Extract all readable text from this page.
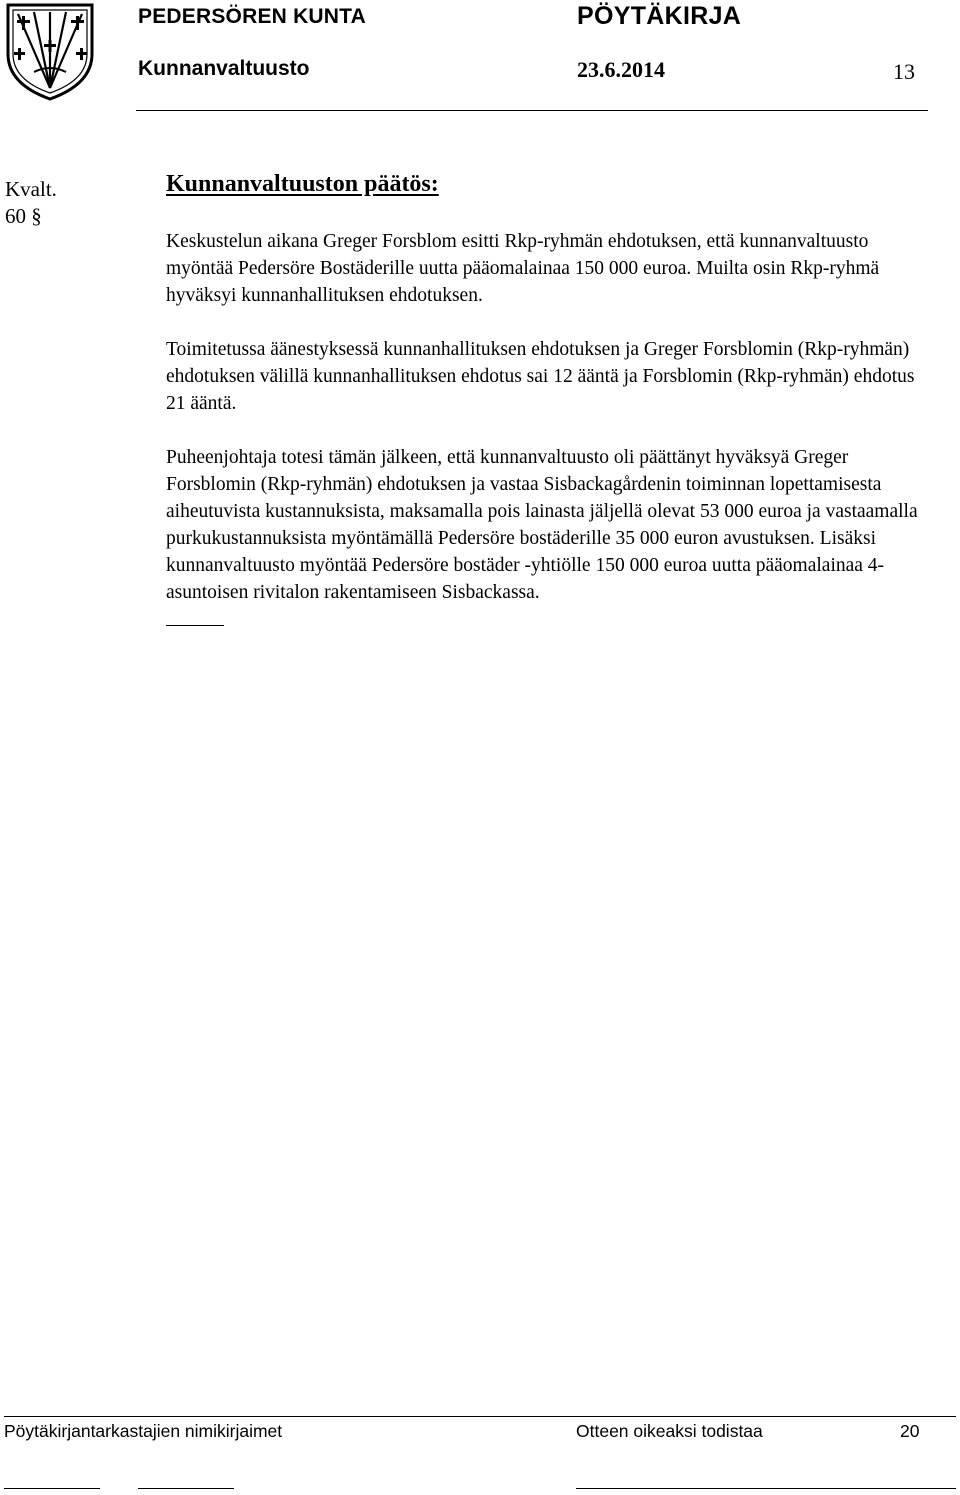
PEDERSÖREN KUNTA	PÖYTÄKIRJA
Kunnanvaltuusto	23.6.2014	13
Kvalt.
60 §
Kunnanvaltuuston päätös:

Keskustelun aikana Greger Forsblom esitti Rkp-ryhmän ehdotuksen, että kunnanvaltuusto myöntää Pedersöre Bostäderille uutta pääomalainaa 150 000 euroa. Muilta osin Rkp-ryhmä hyväksyi kunnanhallituksen ehdotuksen.

Toimitetussa äänestyksessä kunnanhallituksen ehdotuksen ja Greger Forsblomin (Rkp-ryhmän) ehdotuksen välillä kunnanhallituksen ehdotus sai 12 ääntä ja Forsblomin (Rkp-ryhmän) ehdotus 21 ääntä.

Puheenjohtaja totesi tämän jälkeen, että kunnanvaltuusto oli päättänyt hyväksyä Greger Forsblomin (Rkp-ryhmän) ehdotuksen ja vastaa Sisbackagårdenin toiminnan lopettamisesta aiheutuvista kustannuksista, maksamalla pois lainasta jäljellä olevat 53 000 euroa ja vastaamalla purkukustannuksista myöntämällä Pedersöre bostäderille 35 000 euron avustuksen. Lisäksi kunnanvaltuusto myöntää Pedersöre bostäder -yhtiölle 150 000 euroa uutta pääomalainaa 4-asuntoisen rivitalon rakentamiseen Sisbackassa.

Pöytäkirjantarkastajien nimikirjaimet	Otteen oikeaksi todistaa	20
